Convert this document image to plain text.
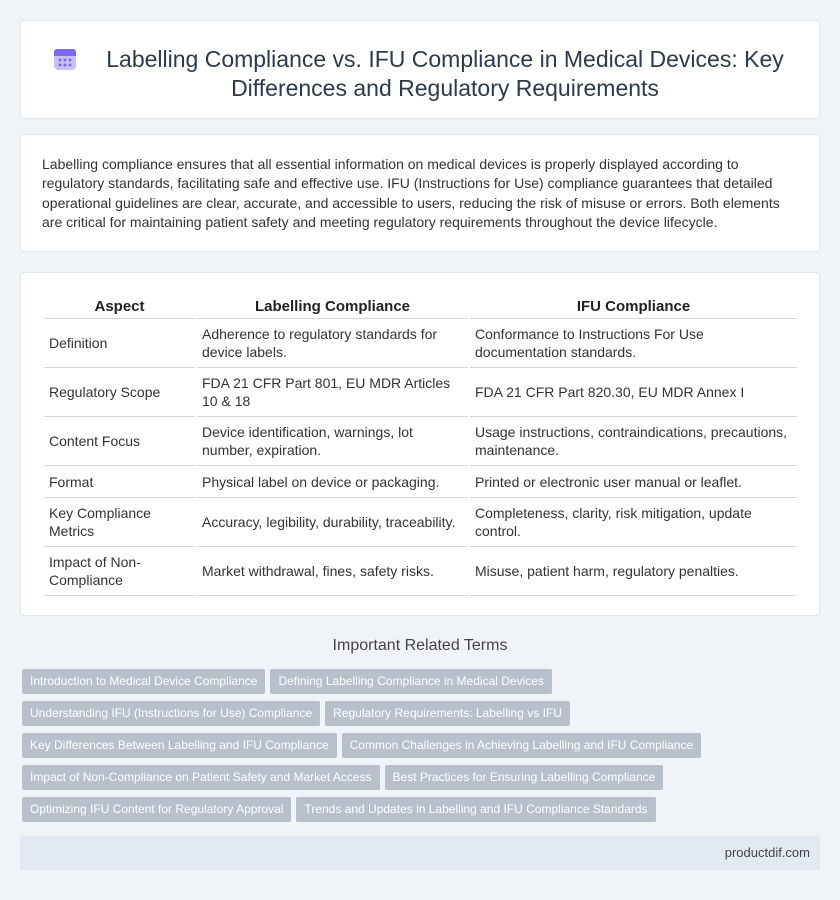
Labelling Compliance vs. IFU Compliance in Medical Devices: Key Differences and Regulatory Requirements

Labelling compliance ensures that all essential information on medical devices is properly displayed according to regulatory standards, facilitating safe and effective use. IFU (Instructions for Use) compliance guarantees that detailed operational guidelines are clear, accurate, and accessible to users, reducing the risk of misuse or errors. Both elements are critical for maintaining patient safety and meeting regulatory requirements throughout the device lifecycle.

Aspect	Labelling Compliance	IFU Compliance
Definition	Adherence to regulatory standards for device labels.	Conformance to Instructions For Use documentation standards.
Regulatory Scope	FDA 21 CFR Part 801, EU MDR Articles 10 & 18	FDA 21 CFR Part 820.30, EU MDR Annex I
Content Focus	Device identification, warnings, lot number, expiration.	Usage instructions, contraindications, precautions, maintenance.
Format	Physical label on device or packaging.	Printed or electronic user manual or leaflet.
Key Compliance Metrics	Accuracy, legibility, durability, traceability.	Completeness, clarity, risk mitigation, update control.
Impact of Non-Compliance	Market withdrawal, fines, safety risks.	Misuse, patient harm, regulatory penalties.
Important Related Terms
Introduction to Medical Device Compliance Defining Labelling Compliance in Medical Devices
Understanding IFU (Instructions for Use) Compliance Regulatory Requirements: Labelling vs IFU
Key Differences Between Labelling and IFU Compliance Common Challenges in Achieving Labelling and IFU Compliance
Impact of Non-Compliance on Patient Safety and Market Access Best Practices for Ensuring Labelling Compliance
Optimizing IFU Content for Regulatory Approval Trends and Updates in Labelling and IFU Compliance Standards
productdif.com
